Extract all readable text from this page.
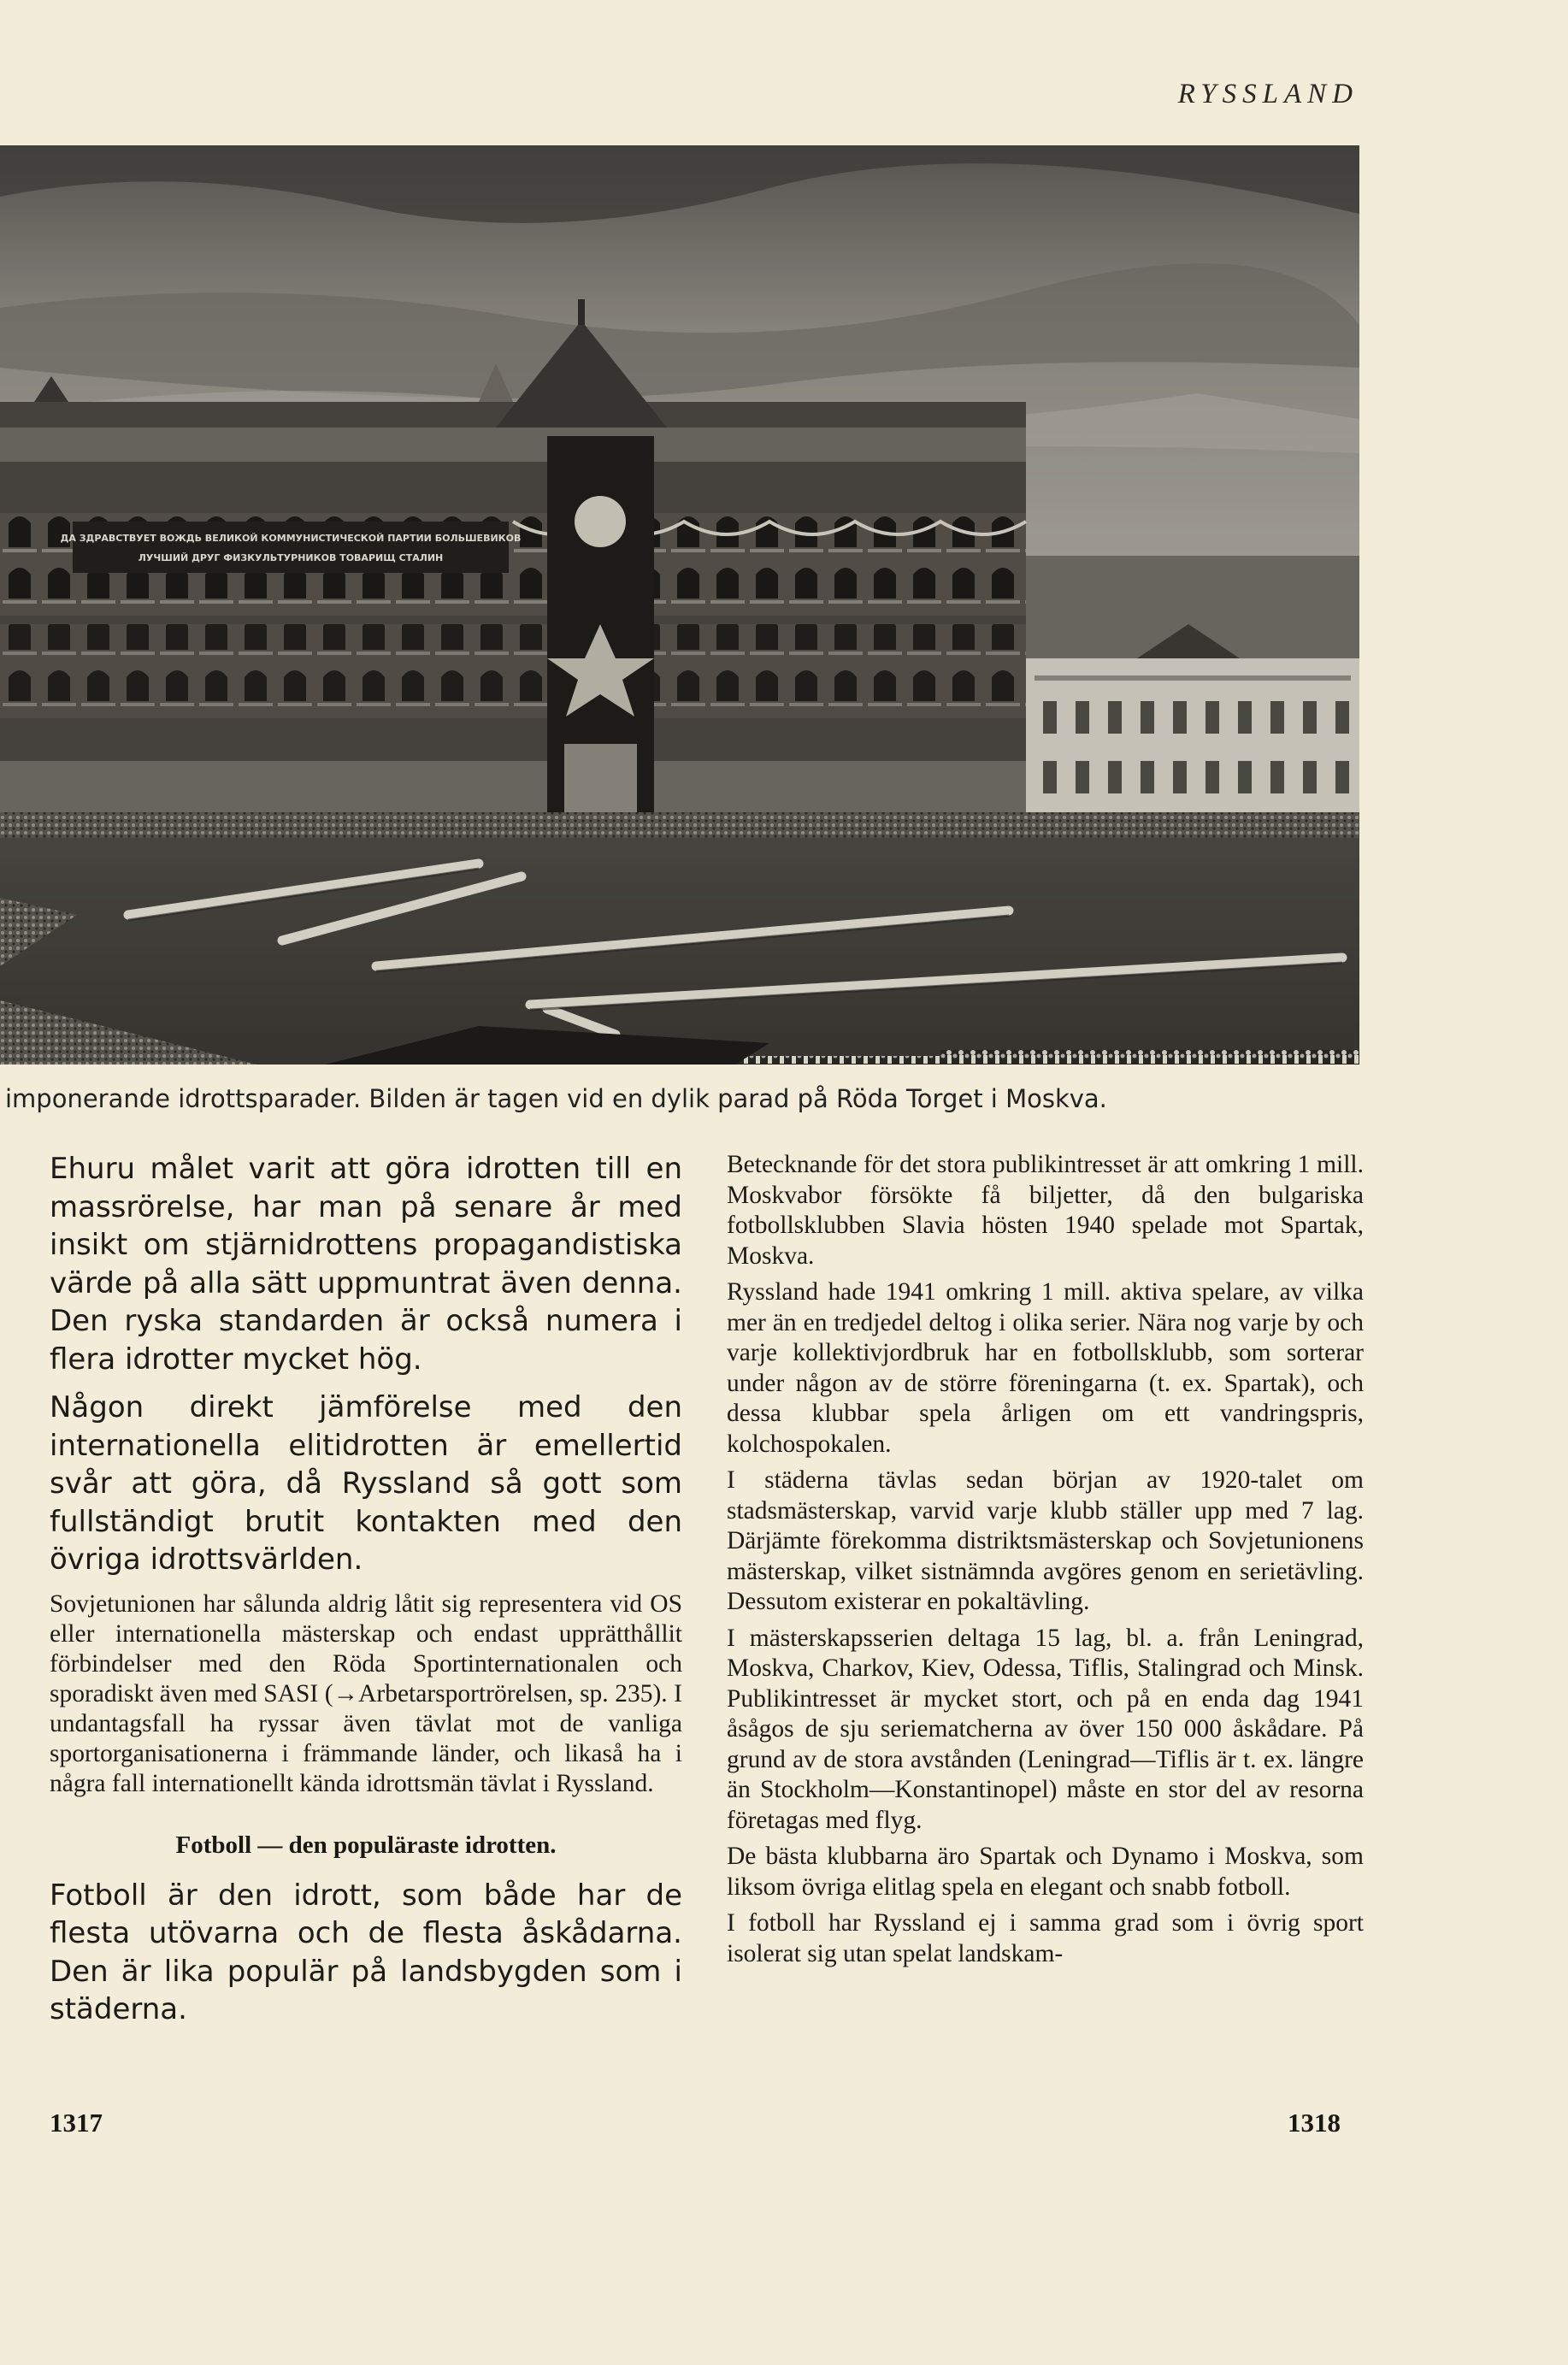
RYSSLAND
ДА ЗДРАВСТВУЕТ ВОЖДЬ ВЕЛИКОЙ КОММУНИСТИЧЕСКОЙ ПАРТИИ БОЛЬШЕВИКОВ
ЛУЧШИЙ ДРУГ ФИЗКУЛЬТУРНИКОВ ТОВАРИЩ СТАЛИН
imponerande idrottsparader. Bilden är tagen vid en dylik parad på Röda Torget i Moskva.

Ehuru målet varit att göra idrotten till en massrörelse, har man på senare år med insikt om stjärnidrottens propagandistiska värde på alla sätt uppmuntrat även denna. Den ryska standarden är också numera i flera idrotter mycket hög.

Någon direkt jämförelse med den internationella elitidrotten är emellertid svår att göra, då Ryssland så gott som fullständigt brutit kontakten med den övriga idrottsvärlden.

Sovjetunionen har sålunda aldrig låtit sig representera vid OS eller internationella mästerskap och endast upprätthållit förbindelser med den Röda Sportinternationalen och sporadiskt även med SASI (→Arbetarsportrörelsen, sp. 235). I undantagsfall ha ryssar även tävlat mot de vanliga sportorganisationerna i främmande länder, och likaså ha i några fall internationellt kända idrottsmän tävlat i Ryssland.

Fotboll — den populäraste idrotten.

Fotboll är den idrott, som både har de flesta utövarna och de flesta åskådarna. Den är lika populär på landsbygden som i städerna.

Betecknande för det stora publikintresset är att omkring 1 mill. Moskvabor försökte få biljetter, då den bulgariska fotbollsklubben Slavia hösten 1940 spelade mot Spartak, Moskva.

Ryssland hade 1941 omkring 1 mill. aktiva spelare, av vilka mer än en tredjedel deltog i olika serier. Nära nog varje by och varje kollektivjordbruk har en fotbollsklubb, som sorterar under någon av de större föreningarna (t. ex. Spartak), och dessa klubbar spela årligen om ett vandringspris, kolchospokalen.

I städerna tävlas sedan början av 1920-talet om stadsmästerskap, varvid varje klubb ställer upp med 7 lag. Därjämte förekomma distriktsmästerskap och Sovjetunionens mästerskap, vilket sistnämnda avgöres genom en serietävling. Dessutom existerar en pokaltävling.

I mästerskapsserien deltaga 15 lag, bl. a. från Leningrad, Moskva, Charkov, Kiev, Odessa, Tiflis, Stalingrad och Minsk. Publikintresset är mycket stort, och på en enda dag 1941 åsågos de sju seriematcherna av över 150 000 åskådare. På grund av de stora avstånden (Leningrad—Tiflis är t. ex. längre än Stockholm—Konstantinopel) måste en stor del av resorna företagas med flyg.

De bästa klubbarna äro Spartak och Dynamo i Moskva, som liksom övriga elitlag spela en elegant och snabb fotboll.

I fotboll har Ryssland ej i samma grad som i övrig sport isolerat sig utan spelat landskam-

1317	1318
